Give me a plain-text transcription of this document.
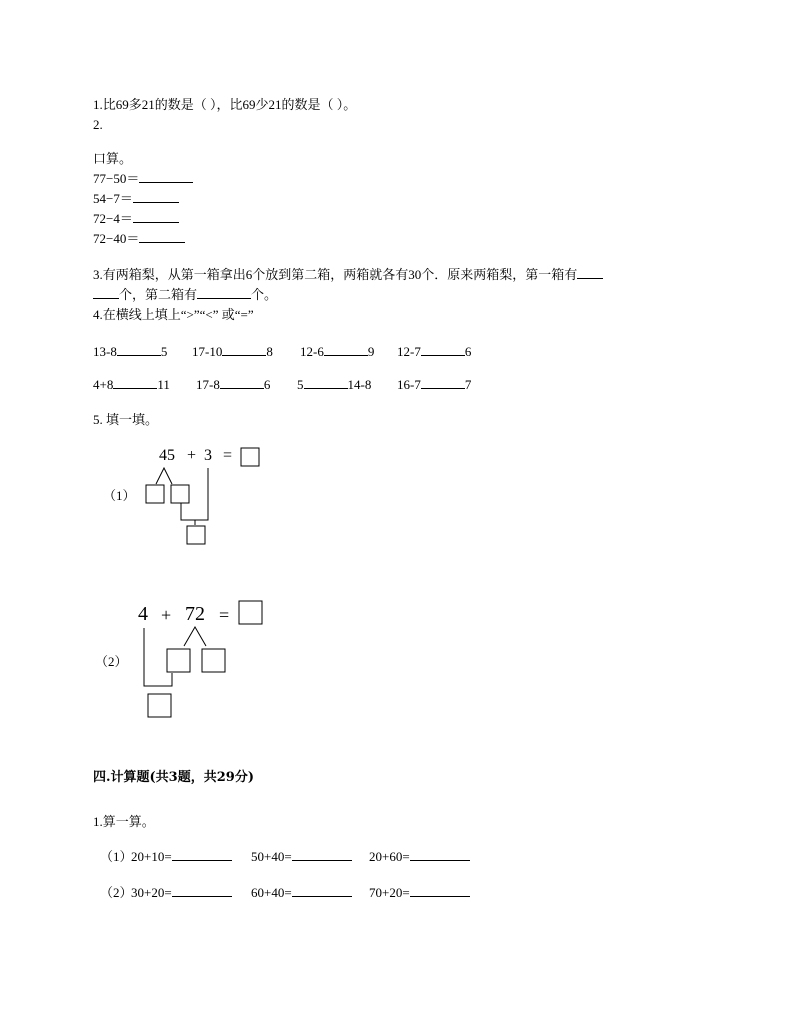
1.比69多21的数是（ ），比69少21的数是（ ）。
2.
口算。
77−50＝
54−7＝
72−4＝
72−40＝
3.有两箱梨，从第一箱拿出6个放到第二箱，两箱就各有30个．原来两箱梨，第一箱有
个，第二箱有	个。
4.在横线上填上“>”“<” 或“=”
13-8	5 17-10	8 12-6	9 12-7	6
4+8	11 17-8	6 5	14-8 16-7	7
5. 填一填。
（1）
45 + 3 =
（2）
4 + 72 =
四.计算题(共3题，共29分)
1.算一算。
（1）
20+10=	50+40=	20+60=
（2）
30+20=	60+40=	70+20=
